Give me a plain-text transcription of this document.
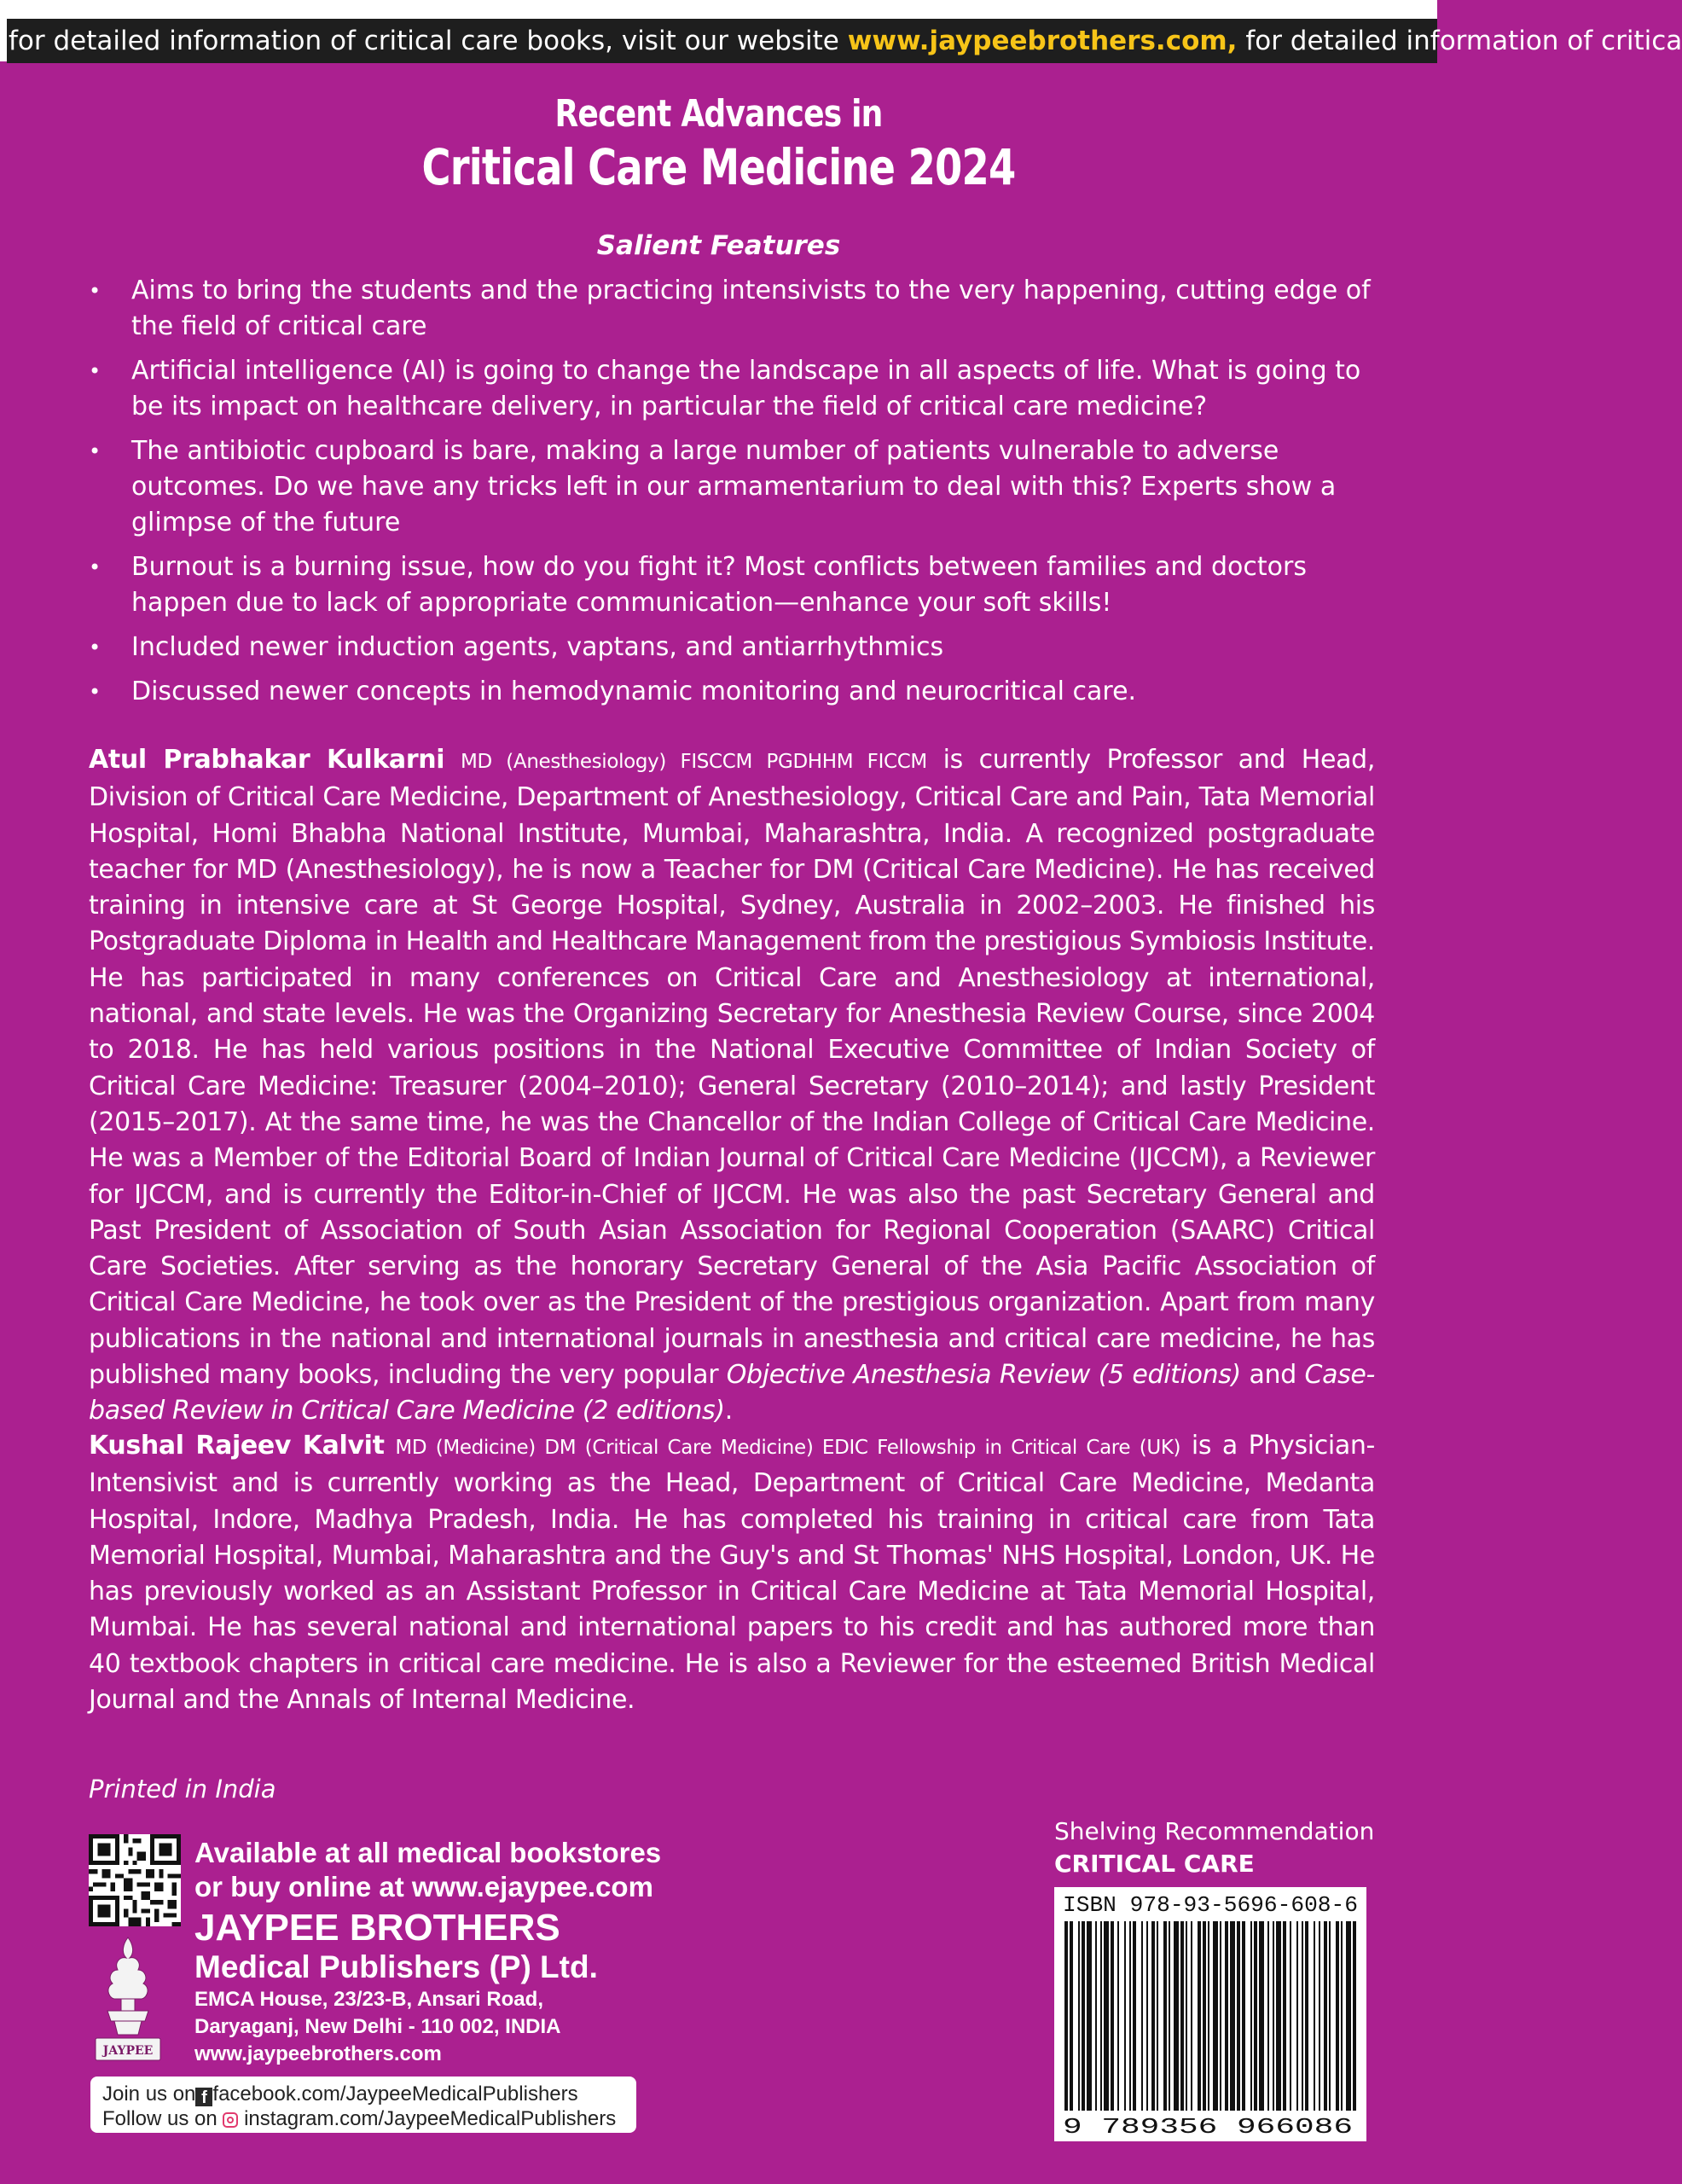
for detailed information of critical care books, visit our website www.jaypeebrothers.com, for detailed information of critica
Recent Advances in
Critical Care Medicine 2024
Salient Features
• Aims to bring the students and the practicing intensivists to the very happening, cutting edge of the field of critical care
• Artificial intelligence (AI) is going to change the landscape in all aspects of life. What is going to be its impact on healthcare delivery, in particular the field of critical care medicine?
• The antibiotic cupboard is bare, making a large number of patients vulnerable to adverse outcomes. Do we have any tricks left in our armamentarium to deal with this? Experts show a glimpse of the future
• Burnout is a burning issue, how do you fight it? Most conflicts between families and doctors happen due to lack of appropriate communication—enhance your soft skills!
• Included newer induction agents, vaptans, and antiarrhythmics
• Discussed newer concepts in hemodynamic monitoring and neurocritical care.

Atul Prabhakar Kulkarni MD (Anesthesiology) FISCCM PGDHHM FICCM is currently Professor and Head, Division of Critical Care Medicine, Department of Anesthesiology, Critical Care and Pain, Tata Memorial Hospital, Homi Bhabha National Institute, Mumbai, Maharashtra, India. A recognized postgraduate teacher for MD (Anesthesiology), he is now a Teacher for DM (Critical Care Medicine). He has received training in intensive care at St George Hospital, Sydney, Australia in 2002–2003. He finished his Postgraduate Diploma in Health and Healthcare Management from the prestigious Symbiosis Institute. He has participated in many conferences on Critical Care and Anesthesiology at international, national, and state levels. He was the Organizing Secretary for Anesthesia Review Course, since 2004 to 2018. He has held various positions in the National Executive Committee of Indian Society of Critical Care Medicine: Treasurer (2004–2010); General Secretary (2010–2014); and lastly President (2015–2017). At the same time, he was the Chancellor of the Indian College of Critical Care Medicine. He was a Member of the Editorial Board of Indian Journal of Critical Care Medicine (IJCCM), a Reviewer for IJCCM, and is currently the Editor-in-Chief of IJCCM. He was also the past Secretary General and Past President of Association of South Asian Association for Regional Cooperation (SAARC) Critical Care Societies. After serving as the honorary Secretary General of the Asia Pacific Association of Critical Care Medicine, he took over as the President of the prestigious organization. Apart from many publications in the national and international journals in anesthesia and critical care medicine, he has published many books, including the very popular Objective Anesthesia Review (5 editions) and Case-based Review in Critical Care Medicine (2 editions).

Kushal Rajeev Kalvit MD (Medicine) DM (Critical Care Medicine) EDIC Fellowship in Critical Care (UK) is a Physician-Intensivist and is currently working as the Head, Department of Critical Care Medicine, Medanta Hospital, Indore, Madhya Pradesh, India. He has completed his training in critical care from Tata Memorial Hospital, Mumbai, Maharashtra and the Guy's and St Thomas' NHS Hospital, London, UK. He has previously worked as an Assistant Professor in Critical Care Medicine at Tata Memorial Hospital, Mumbai. He has several national and international papers to his credit and has authored more than 40 textbook chapters in critical care medicine. He is also a Reviewer for the esteemed British Medical Journal and the Annals of Internal Medicine.

Printed in India
Available at all medical bookstores
or buy online at www.ejaypee.com
JAYPEE
JAYPEE BROTHERS
Medical Publishers (P) Ltd.
EMCA House, 23/23-B, Ansari Road,
Daryaganj, New Delhi - 110 002, INDIA
www.jaypeebrothers.com
Join us on f facebook.com/JaypeeMedicalPublishers
Follow us on instagram.com/JaypeeMedicalPublishers
Shelving Recommendation
CRITICAL CARE
ISBN 978-93-5696-608-6
9 789356 966086
